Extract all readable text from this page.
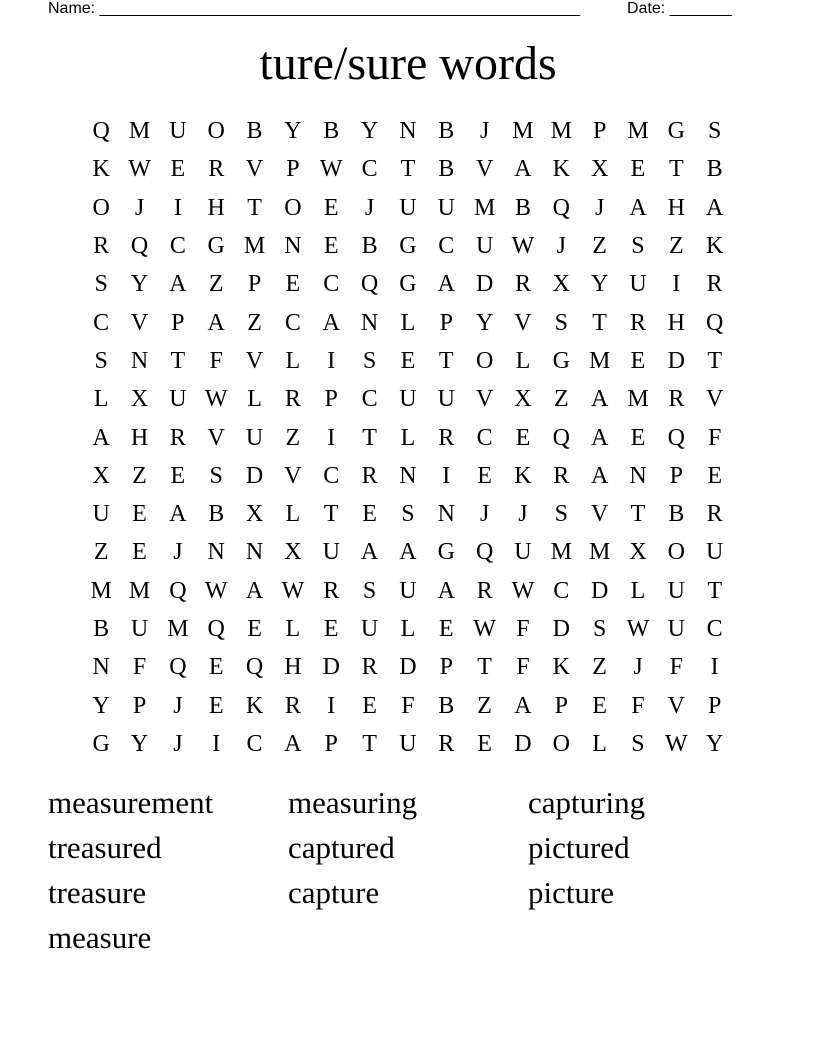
Name: ______________________________________________________	Date: _______
ture/sure words
Q M U O B Y B Y N B	J M M P M G S
K W E R V P W C T B V A K X E T B
O	J	I	H T O E	J	U U M B Q	J	A H A
R Q C G M N E B G C U W J	Z	S	Z K
S Y A Z	P	E C Q G A D R X Y U	I	R
C V P A Z C A N L	P Y V S	T R H Q
S N T	F V L	I	S	E T O L G M E D T
L X U W L R P C U U V X Z A M R V
A H R V U Z	I	T L R C E Q A E Q F
X Z E	S D V C R N	I	E K R A N P	E
U E A B X L T E	S N	J	J	S V T B R
Z E	J	N N X U A A G Q U M M X O U
M M Q W A W R S U A R W C D L U T
B U M Q E L E U L E W F D S W U C
N F Q E Q H D R D P	T	F K Z	J	F	I
Y P	J	E K R	I	E	F B Z A P	E	F V P
G Y	J	I	C A P	T U R E D O L	S W Y
measurement	measuring	capturing
treasured	captured	pictured
treasure	capture	picture
measure
